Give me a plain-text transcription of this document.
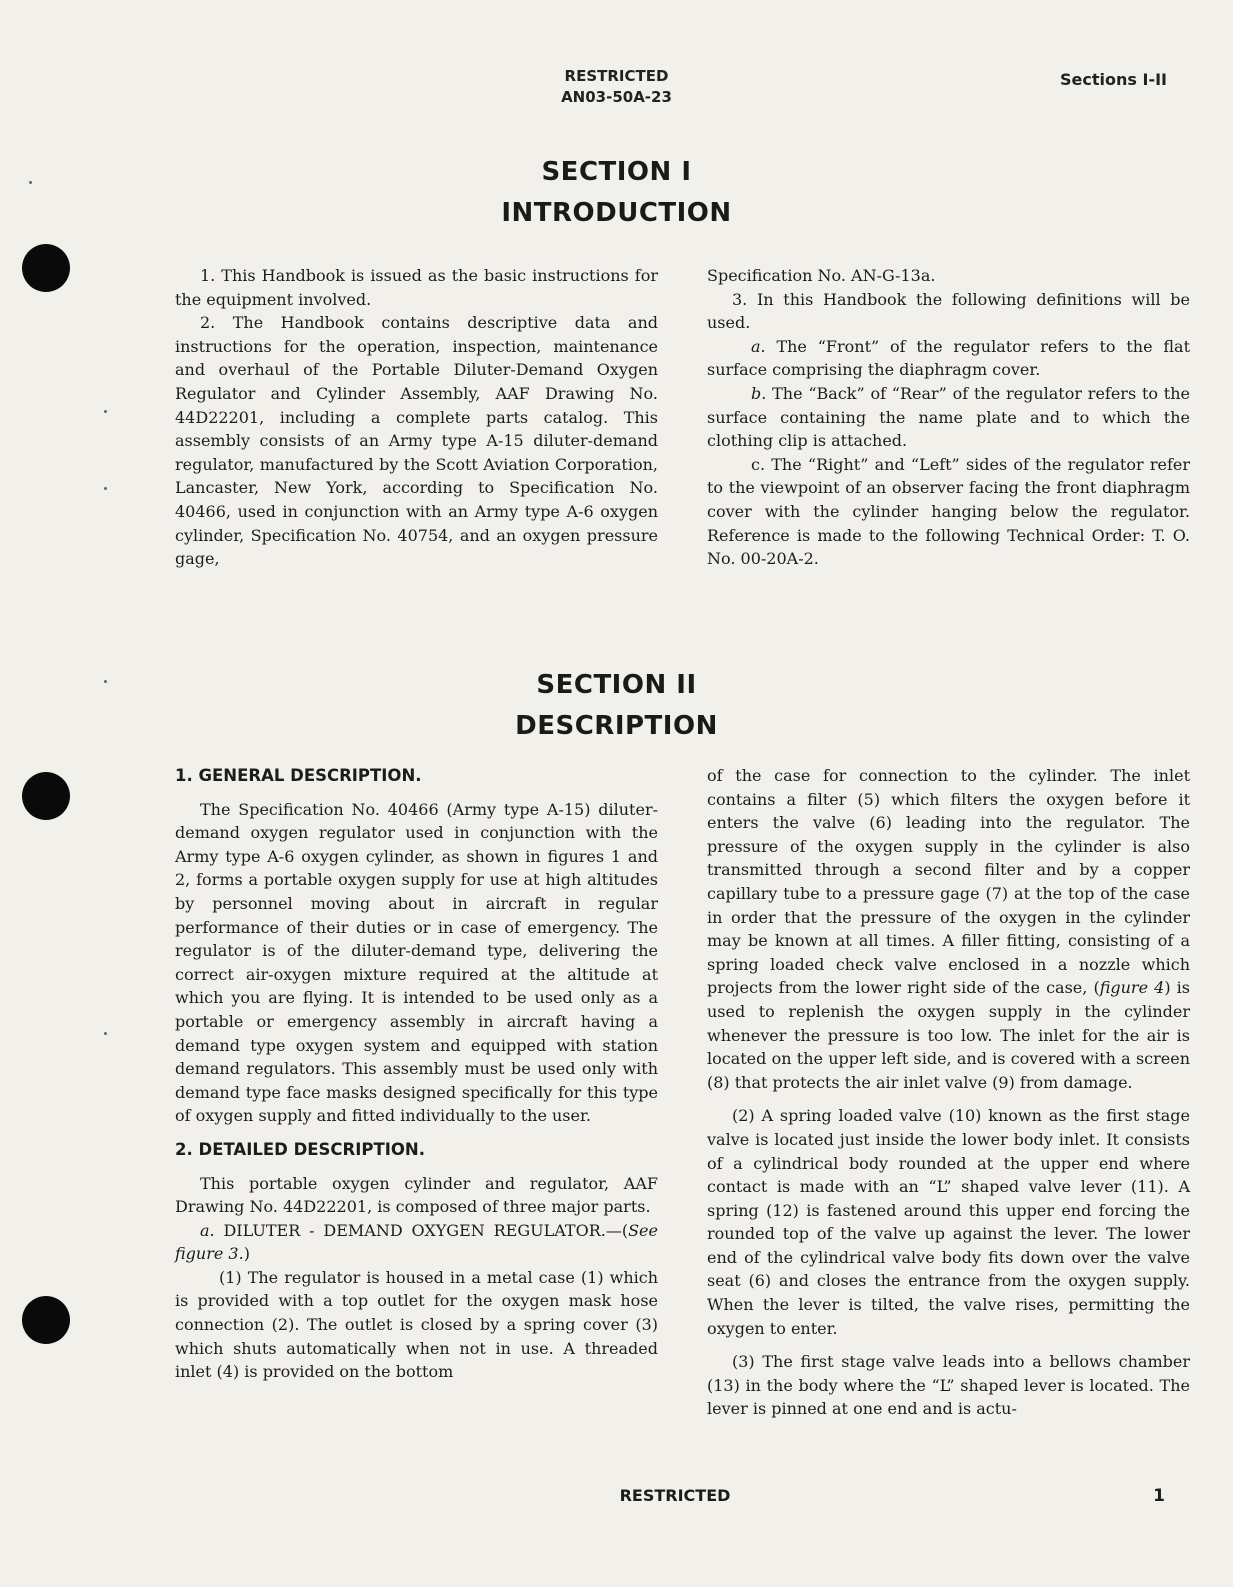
RESTRICTED
AN03-50A-23
Sections I-II
SECTION I
INTRODUCTION

1. This Handbook is issued as the basic instructions for the equipment involved.

2. The Handbook contains descriptive data and instructions for the operation, inspection, maintenance and overhaul of the Portable Diluter-Demand Oxygen Regulator and Cylinder Assembly, AAF Drawing No. 44D22201, including a complete parts catalog. This assembly consists of an Army type A-15 diluter-demand regulator, manufactured by the Scott Aviation Corporation, Lancaster, New York, according to Specification No. 40466, used in conjunction with an Army type A-6 oxygen cylinder, Specification No. 40754, and an oxygen pressure gage,

Specification No. AN-G-13a.

3. In this Handbook the following definitions will be used.

a. The “Front” of the regulator refers to the flat surface comprising the diaphragm cover.

b. The “Back” of “Rear” of the regulator refers to the surface containing the name plate and to which the clothing clip is attached.

c. The “Right” and “Left” sides of the regulator refer to the viewpoint of an observer facing the front diaphragm cover with the cylinder hanging below the regulator. Reference is made to the following Technical Order: T. O. No. 00-20A-2.

SECTION II
DESCRIPTION

1. GENERAL DESCRIPTION.

The Specification No. 40466 (Army type A-15) diluter-demand oxygen regulator used in conjunction with the Army type A-6 oxygen cylinder, as shown in figures 1 and 2, forms a portable oxygen supply for use at high altitudes by personnel moving about in aircraft in regular performance of their duties or in case of emergency. The regulator is of the diluter-demand type, delivering the correct air-oxygen mixture required at the altitude at which you are flying. It is intended to be used only as a portable or emergency assembly in aircraft having a demand type oxygen system and equipped with station demand regulators. This assembly must be used only with demand type face masks designed specifically for this type of oxygen supply and fitted individually to the user.

2. DETAILED DESCRIPTION.

This portable oxygen cylinder and regulator, AAF Drawing No. 44D22201, is composed of three major parts.

a. DILUTER - DEMAND OXYGEN REGULATOR.—(See figure 3.)

(1) The regulator is housed in a metal case (1) which is provided with a top outlet for the oxygen mask hose connection (2). The outlet is closed by a spring cover (3) which shuts automatically when not in use. A threaded inlet (4) is provided on the bottom

of the case for connection to the cylinder. The inlet contains a filter (5) which filters the oxygen before it enters the valve (6) leading into the regulator. The pressure of the oxygen supply in the cylinder is also transmitted through a second filter and by a copper capillary tube to a pressure gage (7) at the top of the case in order that the pressure of the oxygen in the cylinder may be known at all times. A filler fitting, consisting of a spring loaded check valve enclosed in a nozzle which projects from the lower right side of the case, (figure 4) is used to replenish the oxygen supply in the cylinder whenever the pressure is too low. The inlet for the air is located on the upper left side, and is covered with a screen (8) that protects the air inlet valve (9) from damage.

(2) A spring loaded valve (10) known as the first stage valve is located just inside the lower body inlet. It consists of a cylindrical body rounded at the upper end where contact is made with an “L” shaped valve lever (11). A spring (12) is fastened around this upper end forcing the rounded top of the valve up against the lever. The lower end of the cylindrical valve body fits down over the valve seat (6) and closes the entrance from the oxygen supply. When the lever is tilted, the valve rises, permitting the oxygen to enter.

(3) The first stage valve leads into a bellows chamber (13) in the body where the “L” shaped lever is located. The lever is pinned at one end and is actu-

RESTRICTED	1
